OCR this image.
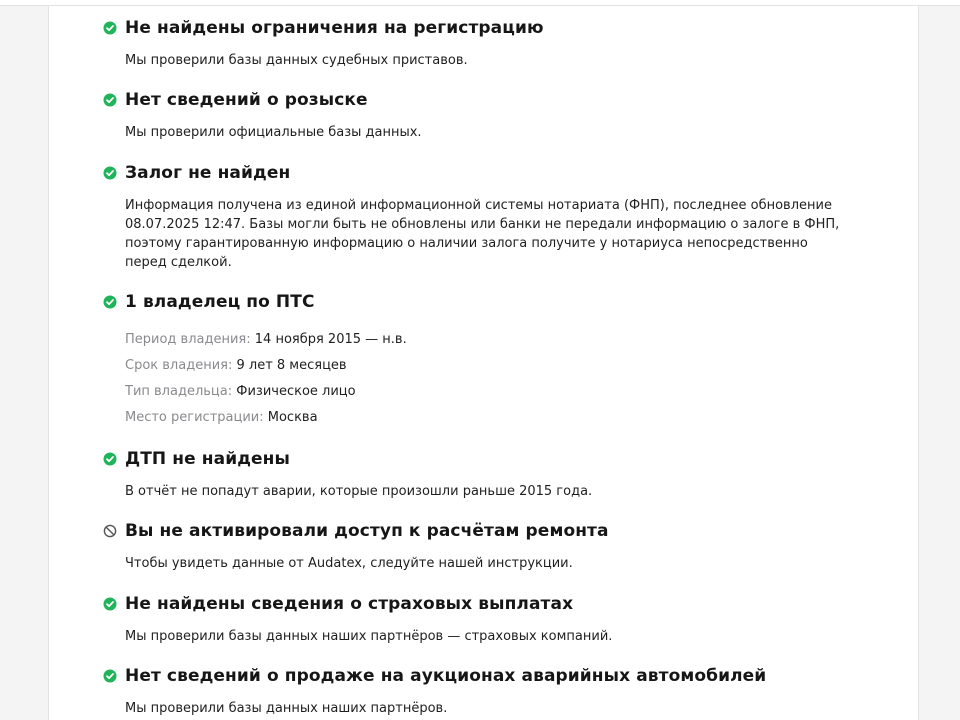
Не найдены ограничения на регистрацию

Мы проверили базы данных судебных приставов.

Нет сведений о розыске

Мы проверили официальные базы данных.

Залог не найден

Информация получена из единой информационной системы нотариата (ФНП), последнее обновление 08.07.2025 12:47. Базы могли быть не обновлены или банки не передали информацию о залоге в ФНП, поэтому гарантированную информацию о наличии залога получите у нотариуса непосредственно перед сделкой.

1 владелец по ПТС
Период владения: 14 ноября 2015 — н.в.
Срок владения: 9 лет 8 месяцев
Тип владельца: Физическое лицо
Место регистрации: Москва
ДТП не найдены

В отчёт не попадут аварии, которые произошли раньше 2015 года.

Вы не активировали доступ к расчётам ремонта

Чтобы увидеть данные от Audatex, следуйте нашей инструкции.

Не найдены сведения о страховых выплатах

Мы проверили базы данных наших партнёров — страховых компаний.

Нет сведений о продаже на аукционах аварийных автомобилей

Мы проверили базы данных наших партнёров.
